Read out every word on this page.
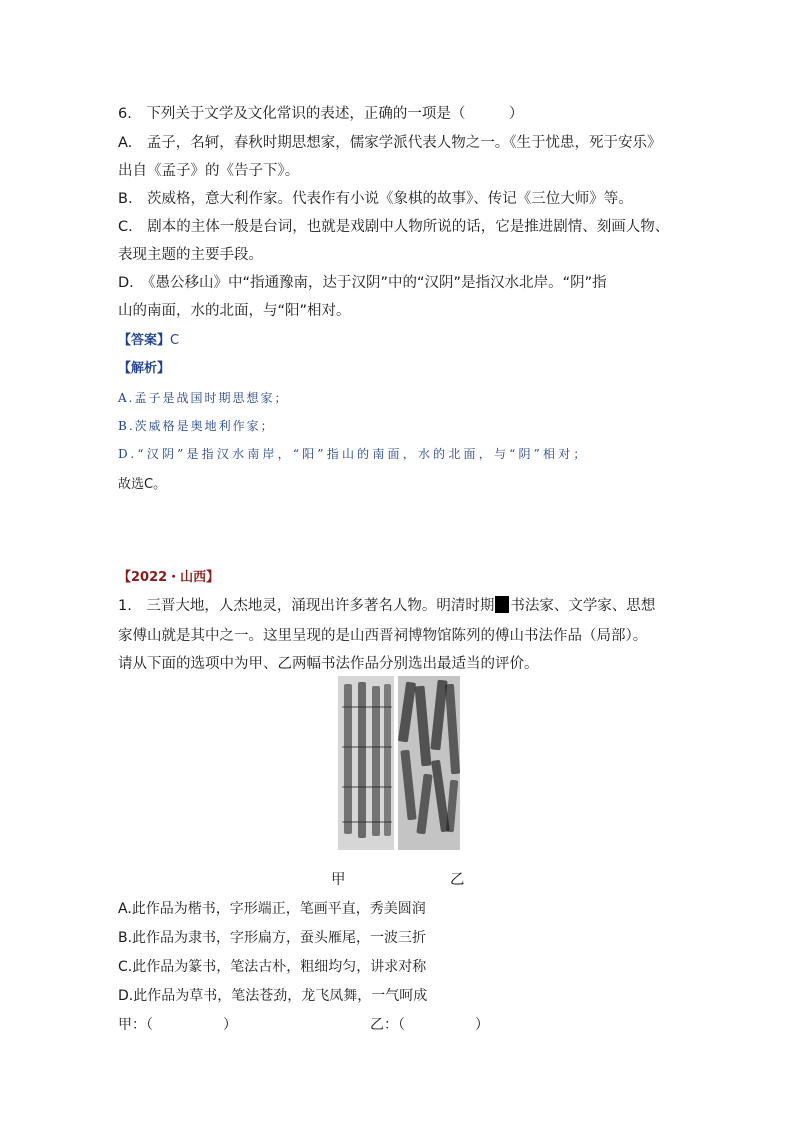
6.　下列关于文学及文化常识的表述，正确的一项是（　　　）
A.　孟子，名轲，春秋时期思想家，儒家学派代表人物之一。《生于忧患，死于安乐》
出自《孟子》的《告子下》。
B.　茨威格，意大利作家。代表作有小说《象棋的故事》、传记《三位大师》等。
C.　剧本的主体一般是台词，也就是戏剧中人物所说的话，它是推进剧情、刻画人物、
表现主题的主要手段。
D.　《愚公移山》中“指通豫南，达于汉阴”中的“汉阴”是指汉水北岸。“阴”指
山的南面，水的北面，与“阳”相对。
【答案】C
【解析】
A.孟子是战国时期思想家；
B.茨威格是奥地利作家；
D.“汉阴”是指汉水南岸，“阳”指山的南面，水的北面，与“阴”相对；
故选C。
【2022・山西】
1.　三晋大地，人杰地灵，涌现出许多著名人物。明清时期 书法家、文学家、思想
家傅山就是其中之一。这里呈现的是山西晋祠博物馆陈列的傅山书法作品（局部）。
请从下面的选项中为甲、乙两幅书法作品分别选出最适当的评价。
甲	乙
A.此作品为楷书，字形端正，笔画平直，秀美圆润
B.此作品为隶书，字形扁方，蚕头雁尾，一波三折
C.此作品为篆书，笔法古朴，粗细均匀，讲求对称
D.此作品为草书，笔法苍劲，龙飞凤舞，一气呵成
甲：（　　　　　）	乙：（　　　　　）
